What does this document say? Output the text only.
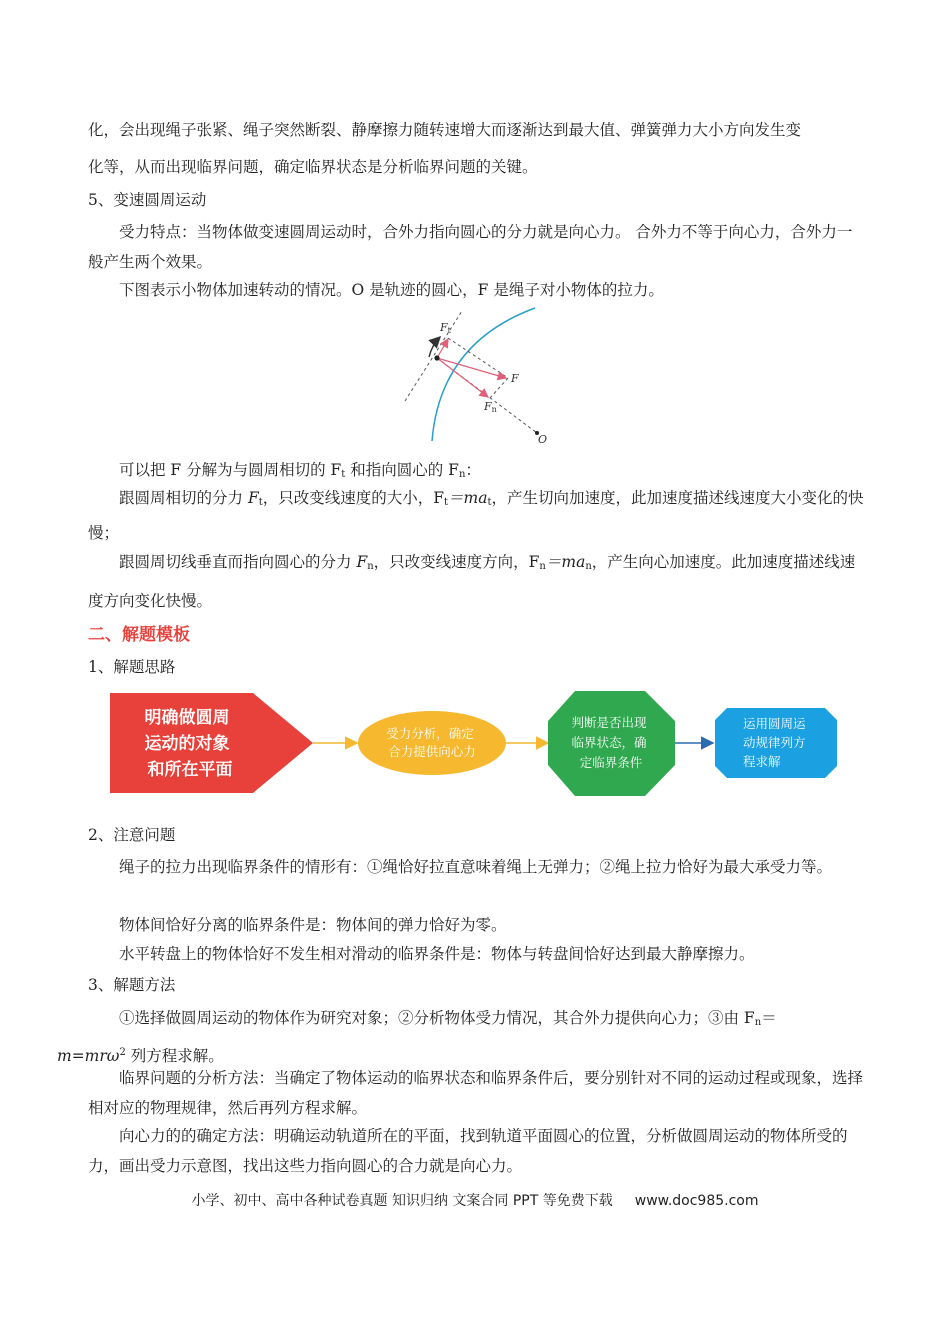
化，会出现绳子张紧、绳子突然断裂、静摩擦力随转速增大而逐渐达到最大值、弹簧弹力大小方向发生变
化等，从而出现临界问题，确定临界状态是分析临界问题的关键。

5、变速圆周运动

受力特点：当物体做变速圆周运动时，合外力指向圆心的分力就是向心力。 合外力不等于向心力，合外力一般产生两个效果。

下图表示小物体加速转动的情况。O 是轨迹的圆心，F 是绳子对小物体的拉力。

Ft
F
Fn
O

可以把 F 分解为与圆周相切的 $F_t$ 和指向圆心的 $F_n$：

跟圆周相切的分力 $F_t$，只改变线速度的大小，$F_t=ma_t$，产生切向加速度，此加速度描述线速度大小变化的快慢；

跟圆周切线垂直而指向圆心的分力 $F_n$，只改变线速度方向，$F_n=ma_n$，产生向心加速度。此加速度描述线速度方向变化快慢。

二、解题模板

1、解题思路

明确做圆周 运动的对象 和所在平面
受力分析，确定 合力提供向心力
判断是否出现 临界状态，确 定临界条件
运用圆周运 动规律列方 程求解

2、注意问题

绳子的拉力出现临界条件的情形有：①绳恰好拉直意味着绳上无弹力；②绳上拉力恰好为最大承受力等。

物体间恰好分离的临界条件是：物体间的弹力恰好为零。

水平转盘上的物体恰好不发生相对滑动的临界条件是：物体与转盘间恰好达到最大静摩擦力。

3、解题方法

①选择做圆周运动的物体作为研究对象；②分析物体受力情况，其合外力提供向心力；③由 $F_n=$
m=mrω$^2$ 列方程求解。

临界问题的分析方法：当确定了物体运动的临界状态和临界条件后，要分别针对不同的运动过程或现象，选择相对应的物理规律，然后再列方程求解。

向心力的的确定方法：明确运动轨道所在的平面，找到轨道平面圆心的位置，分析做圆周运动的物体所受的力，画出受力示意图，找出这些力指向圆心的合力就是向心力。

小学、初中、高中各种试卷真题 知识归纳 文案合同 PPT 等免费下载 www.doc985.com
